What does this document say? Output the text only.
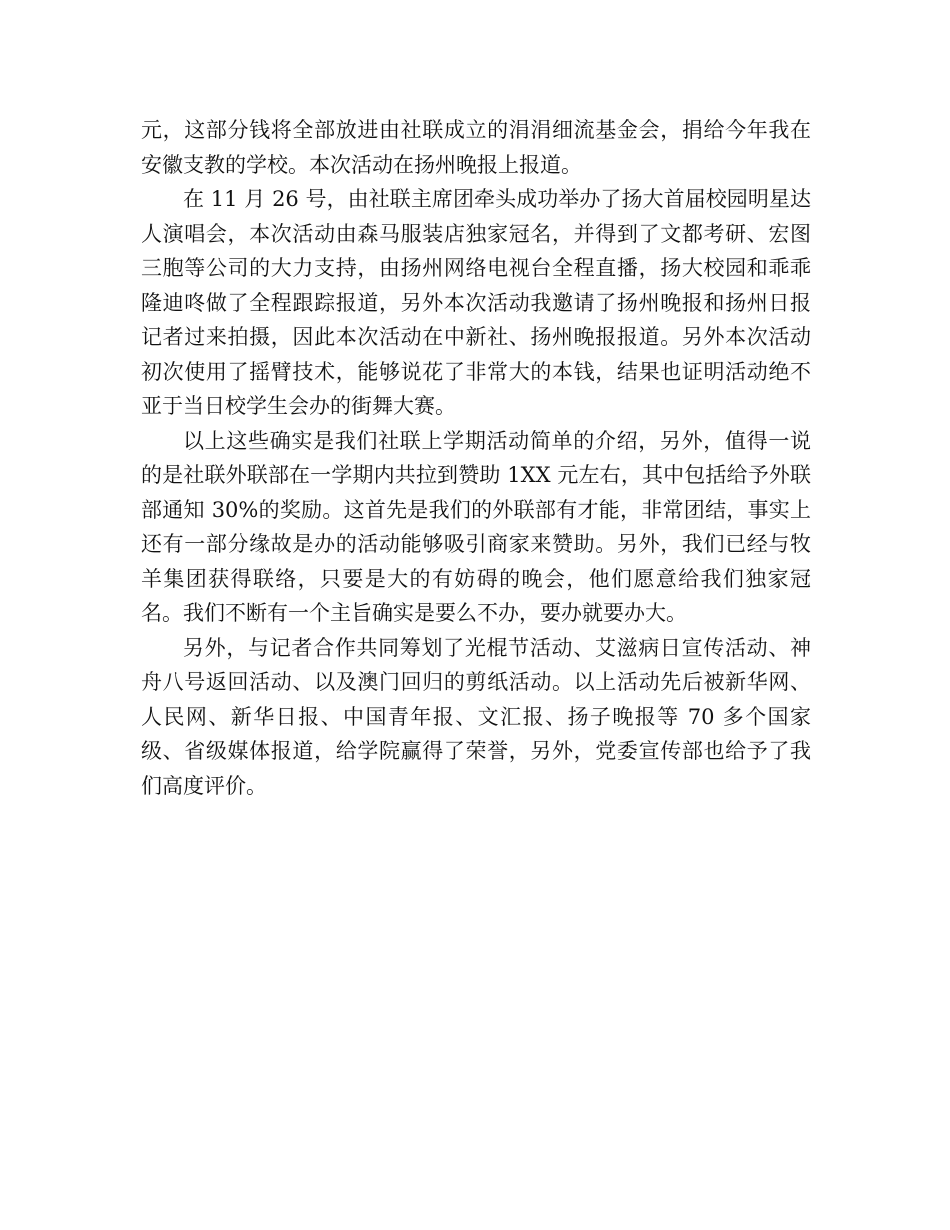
元，这部分钱将全部放进由社联成立的涓涓细流基金会，捐给今年我在安徽支教的学校。本次活动在扬州晚报上报道。

在 11 月 26 号，由社联主席团牵头成功举办了扬大首届校园明星达人演唱会，本次活动由森马服装店独家冠名，并得到了文都考研、宏图三胞等公司的大力支持，由扬州网络电视台全程直播，扬大校园和乖乖隆迪咚做了全程跟踪报道，另外本次活动我邀请了扬州晚报和扬州日报记者过来拍摄，因此本次活动在中新社、扬州晚报报道。另外本次活动初次使用了摇臂技术，能够说花了非常大的本钱，结果也证明活动绝不亚于当日校学生会办的街舞大赛。

以上这些确实是我们社联上学期活动简单的介绍，另外，值得一说的是社联外联部在一学期内共拉到赞助 1XX 元左右，其中包括给予外联部通知 30%的奖励。这首先是我们的外联部有才能，非常团结，事实上还有一部分缘故是办的活动能够吸引商家来赞助。另外，我们已经与牧羊集团获得联络，只要是大的有妨碍的晚会，他们愿意给我们独家冠名。我们不断有一个主旨确实是要么不办，要办就要办大。

另外，与记者合作共同筹划了光棍节活动、艾滋病日宣传活动、神舟八号返回活动、以及澳门回归的剪纸活动。以上活动先后被新华网、人民网、新华日报、中国青年报、文汇报、扬子晚报等 70 多个国家级、省级媒体报道，给学院赢得了荣誉，另外，党委宣传部也给予了我们高度评价。
